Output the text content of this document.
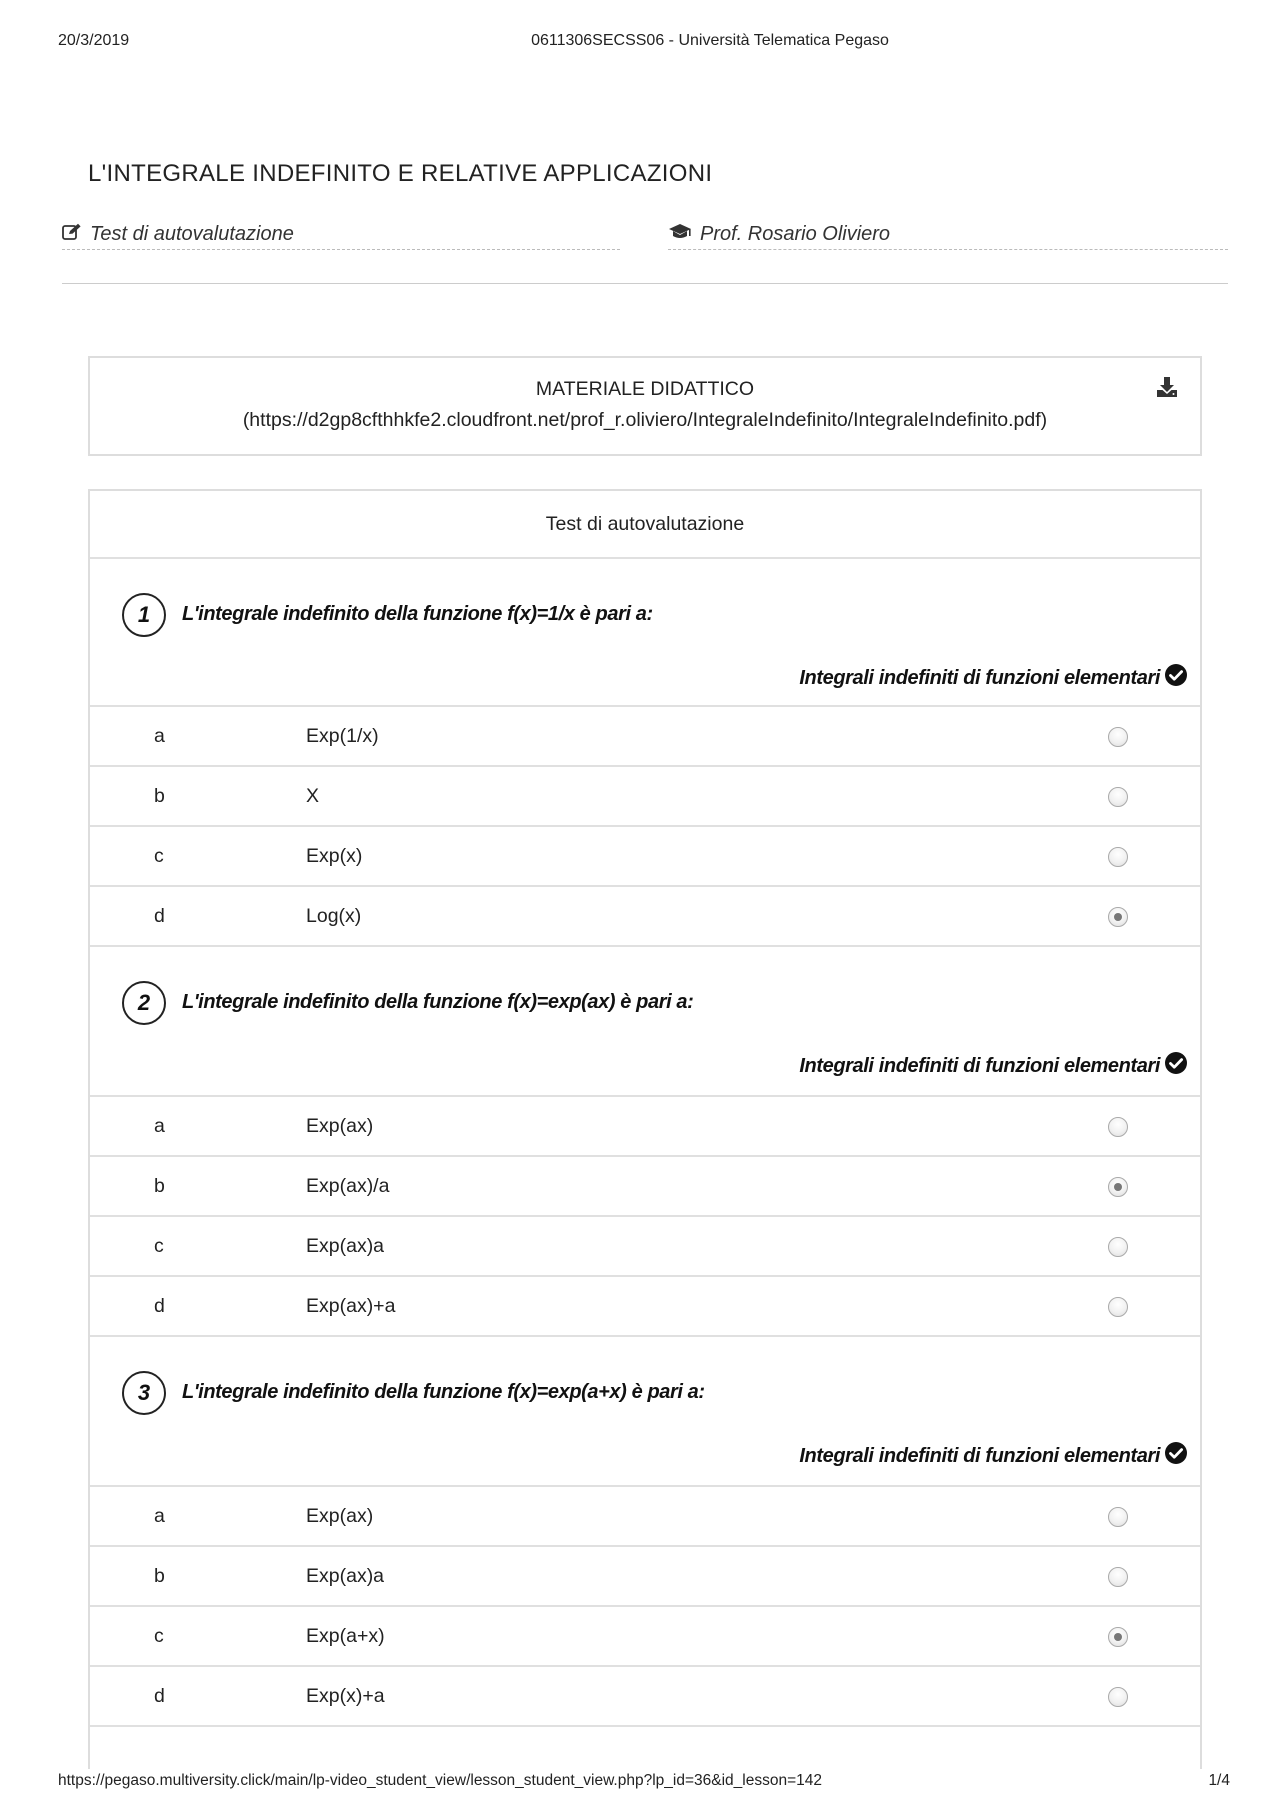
20/3/2019	0611306SECSS06 - Università Telematica Pegaso
L'INTEGRALE INDEFINITO E RELATIVE APPLICAZIONI
Test di autovalutazione	Prof. Rosario Oliviero
MATERIALE DIDATTICO
(https://d2gp8cfthhkfe2.cloudfront.net/prof_r.oliviero/IntegraleIndefinito/IntegraleIndefinito.pdf)
Test di autovalutazione
1	L'integrale indefinito della funzione f(x)=1/x è pari a:
Integrali indefiniti di funzioni elementari
a	Exp(1/x)
b	X
c	Exp(x)
d	Log(x)
2	L'integrale indefinito della funzione f(x)=exp(ax) è pari a:
Integrali indefiniti di funzioni elementari
a	Exp(ax)
b	Exp(ax)/a
c	Exp(ax)a
d	Exp(ax)+a
3	L'integrale indefinito della funzione f(x)=exp(a+x) è pari a:
Integrali indefiniti di funzioni elementari
a	Exp(ax)
b	Exp(ax)a
c	Exp(a+x)
d	Exp(x)+a
https://pegaso.multiversity.click/main/lp-video_student_view/lesson_student_view.php?lp_id=36&id_lesson=142	1/4
